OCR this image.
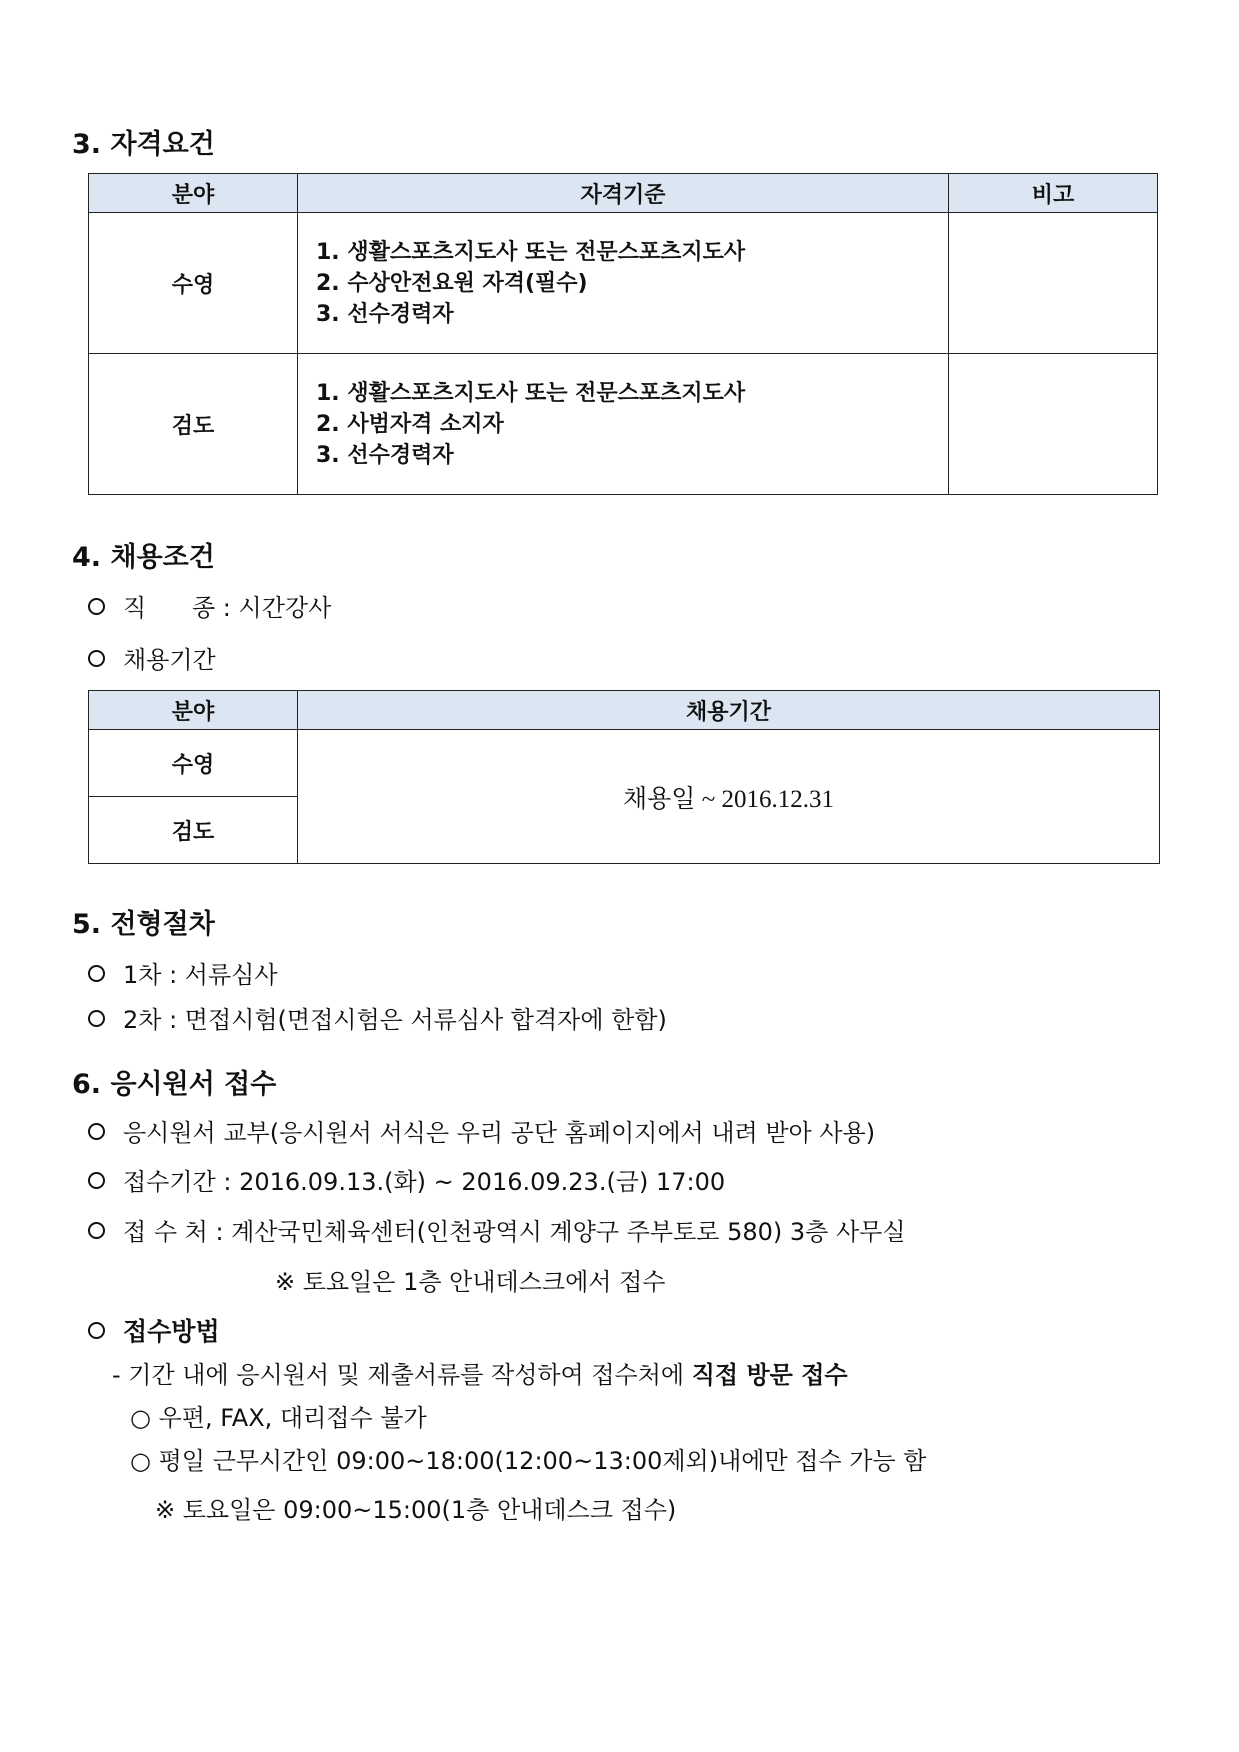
3. 자격요건
분야	자격기준	비고
수영	1. 생활스포츠지도사 또는 전문스포츠지도사
2. 수상안전요원 자격(필수)
3. 선수경력자	

검도	1. 생활스포츠지도사 또는 전문스포츠지도사
2. 사범자격 소지자
3. 선수경력자	

4. 채용조건
직      종 : 시간강사
채용기간
분야	채용기간
수영	채용일 ~ 2016.12.31
검도	
5. 전형절차
1차 : 서류심사
2차 : 면접시험(면접시험은 서류심사 합격자에 한함)
6. 응시원서 접수
응시원서 교부(응시원서 서식은 우리 공단 홈페이지에서 내려 받아 사용)
접수기간 : 2016.09.13.(화) ~ 2016.09.23.(금) 17:00
접 수 처 : 계산국민체육센터(인천광역시 계양구 주부토로 580) 3층 사무실
※ 토요일은 1층 안내데스크에서 접수
접수방법
- 기간 내에 응시원서 및 제출서류를 작성하여 접수처에 직접 방문 접수
○ 우편, FAX, 대리접수 불가
○ 평일 근무시간인 09:00~18:00(12:00~13:00제외)내에만 접수 가능 함
※ 토요일은 09:00~15:00(1층 안내데스크 접수)
